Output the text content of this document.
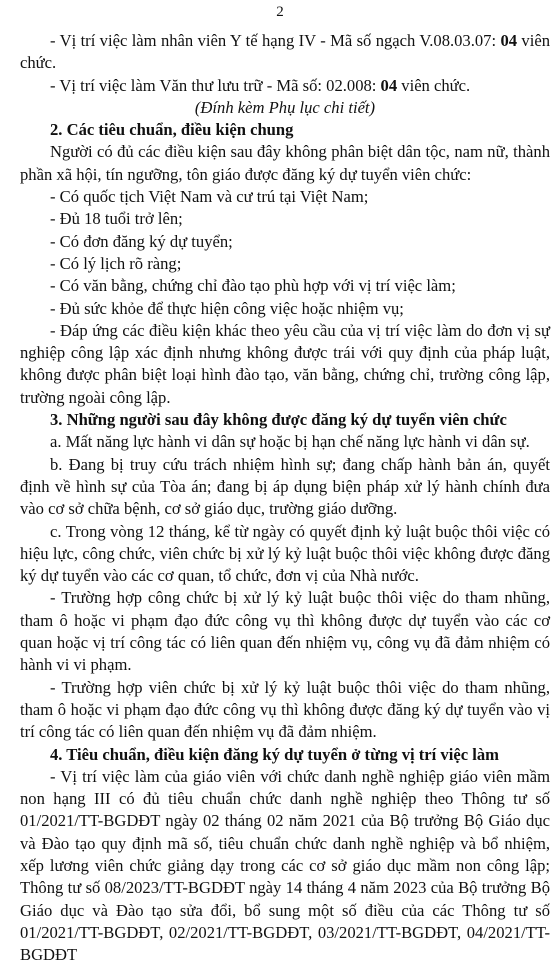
2

- Vị trí việc làm nhân viên Y tế hạng IV - Mã số ngạch V.08.03.07: 04 viên chức.

- Vị trí việc làm Văn thư lưu trữ - Mã số: 02.008: 04 viên chức.

(Đính kèm Phụ lục chi tiết)

2. Các tiêu chuẩn, điều kiện chung

Người có đủ các điều kiện sau đây không phân biệt dân tộc, nam nữ, thành phần xã hội, tín ngưỡng, tôn giáo được đăng ký dự tuyển viên chức:

- Có quốc tịch Việt Nam và cư trú tại Việt Nam;

- Đủ 18 tuổi trở lên;

- Có đơn đăng ký dự tuyển;

- Có lý lịch rõ ràng;

- Có văn bằng, chứng chỉ đào tạo phù hợp với vị trí việc làm;

- Đủ sức khỏe để thực hiện công việc hoặc nhiệm vụ;

- Đáp ứng các điều kiện khác theo yêu cầu của vị trí việc làm do đơn vị sự nghiệp công lập xác định nhưng không được trái với quy định của pháp luật, không được phân biệt loại hình đào tạo, văn bằng, chứng chỉ, trường công lập, trường ngoài công lập.

3. Những người sau đây không được đăng ký dự tuyển viên chức

a. Mất năng lực hành vi dân sự hoặc bị hạn chế năng lực hành vi dân sự.

b. Đang bị truy cứu trách nhiệm hình sự; đang chấp hành bản án, quyết định về hình sự của Tòa án; đang bị áp dụng biện pháp xử lý hành chính đưa vào cơ sở chữa bệnh, cơ sở giáo dục, trường giáo dưỡng.

c. Trong vòng 12 tháng, kể từ ngày có quyết định kỷ luật buộc thôi việc có hiệu lực, công chức, viên chức bị xử lý kỷ luật buộc thôi việc không được đăng ký dự tuyển vào các cơ quan, tổ chức, đơn vị của Nhà nước.

- Trường hợp công chức bị xử lý kỷ luật buộc thôi việc do tham nhũng, tham ô hoặc vi phạm đạo đức công vụ thì không được dự tuyển vào các cơ quan hoặc vị trí công tác có liên quan đến nhiệm vụ, công vụ đã đảm nhiệm có hành vi vi phạm.

- Trường hợp viên chức bị xử lý kỷ luật buộc thôi việc do tham nhũng, tham ô hoặc vi phạm đạo đức công vụ thì không được đăng ký dự tuyển vào vị trí công tác có liên quan đến nhiệm vụ đã đảm nhiệm.

4. Tiêu chuẩn, điều kiện đăng ký dự tuyển ở từng vị trí việc làm

- Vị trí việc làm của giáo viên với chức danh nghề nghiệp giáo viên mầm non hạng III có đủ tiêu chuẩn chức danh nghề nghiệp theo Thông tư số 01/2021/TT-BGDĐT ngày 02 tháng 02 năm 2021 của Bộ trưởng Bộ Giáo dục và Đào tạo quy định mã số, tiêu chuẩn chức danh nghề nghiệp và bổ nhiệm, xếp lương viên chức giảng dạy trong các cơ sở giáo dục mầm non công lập; Thông tư số 08/2023/TT-BGDĐT ngày 14 tháng 4 năm 2023 của Bộ trưởng Bộ Giáo dục và Đào tạo sửa đổi, bổ sung một số điều của các Thông tư số 01/2021/TT-BGDĐT, 02/2021/TT-BGDĐT, 03/2021/TT-BGDĐT, 04/2021/TT-BGDĐT
